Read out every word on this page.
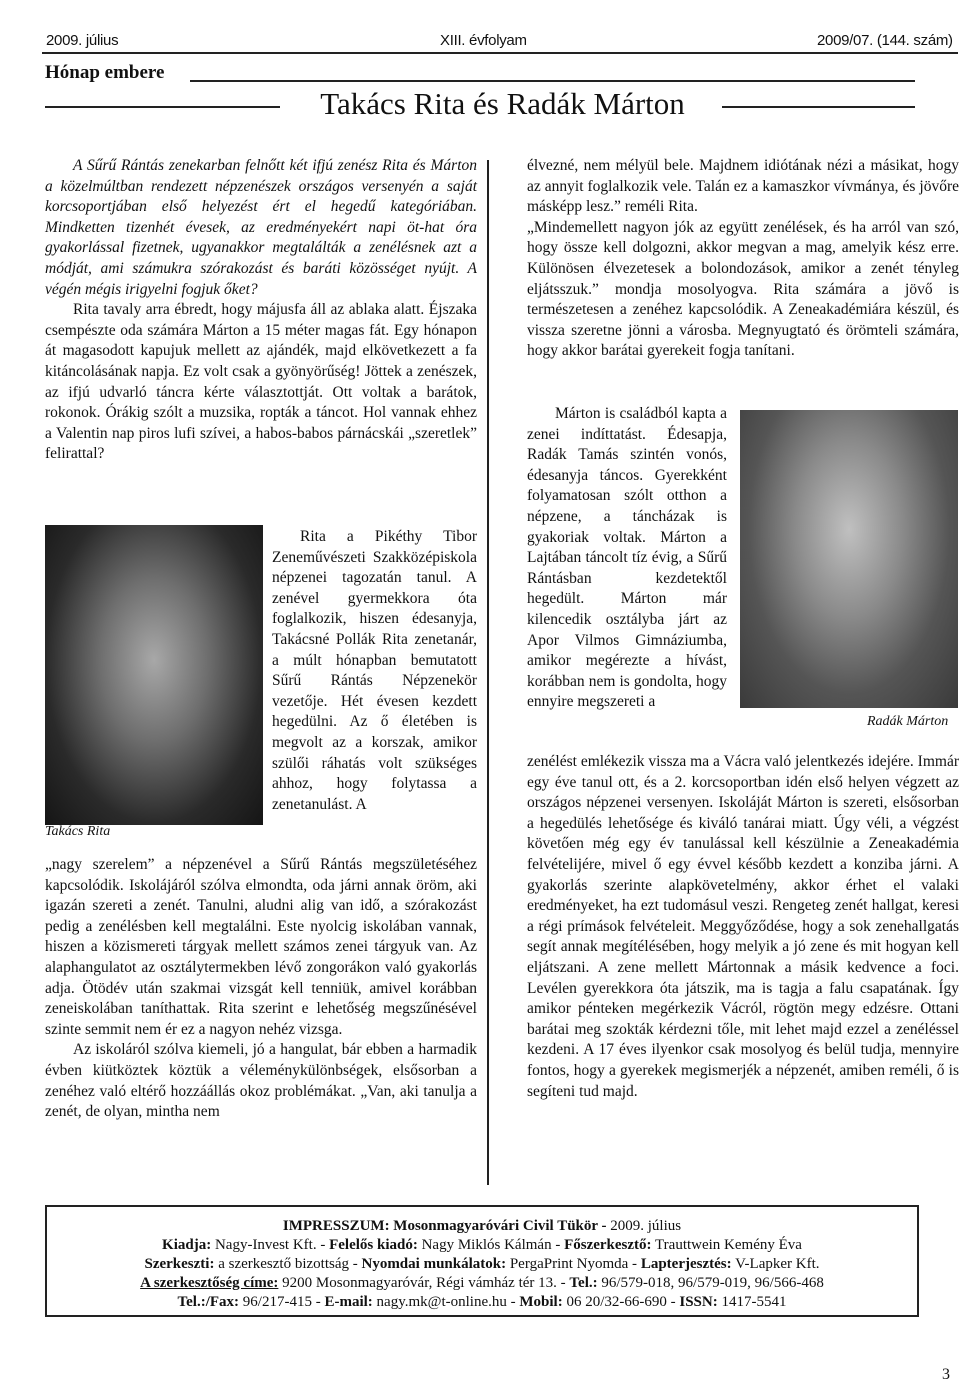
2009. július	XIII. évfolyam	2009/07. (144. szám)
Hónap embere
Takács Rita és Radák Márton

A Sűrű Rántás zenekarban felnőtt két ifjú zenész Rita és Márton a közelmúltban rendezett népzenészek országos versenyén a saját korcsoportjában első helyezést ért el hegedű kategóriában. Mindketten tizenhét évesek, az eredményekért napi öt-hat óra gyakorlással fizetnek, ugyanakkor megtalálták a zenélésnek azt a módját, ami számukra szórakozást és baráti közösséget nyújt. A végén mégis irigyelni fogjuk őket?

Rita tavaly arra ébredt, hogy májusfa áll az ablaka alatt. Éjszaka csempészte oda számára Márton a 15 méter magas fát. Egy hónapon át magasodott kapujuk mellett az ajándék, majd elkövetkezett a fa kitáncolásának napja. Ez volt csak a gyönyörűség! Jöttek a zenészek, az ifjú udvarló táncra kérte választottját. Ott voltak a barátok, rokonok. Órákig szólt a muzsika, ropták a táncot. Hol vannak ehhez a Valentin nap piros lufi szívei, a habos-babos párnácskái „szeretlek” felirattal?

Takács Rita

Rita a Pikéthy Tibor Zeneművészeti Szakközépiskola népzenei tagozatán tanul. A zenével gyermekkora óta foglalkozik, hiszen édesanyja, Takácsné Pollák Rita zenetanár, a múlt hónapban bemutatott Sűrű Rántás Népzenekör vezetője. Hét évesen kezdett hegedülni. Az ő életében is megvolt az a korszak, amikor szülői ráhatás volt szükséges ahhoz, hogy folytassa a zenetanulást. A

„nagy szerelem” a népzenével a Sűrű Rántás megszületéséhez kapcsolódik. Iskolájáról szólva elmondta, oda járni annak öröm, aki igazán szereti a zenét. Tanulni, aludni alig van idő, a szórakozást pedig a zenélésben kell megtalálni. Este nyolcig iskolában vannak, hiszen a közismereti tárgyak mellett számos zenei tárgyuk van. Az alaphangulatot az osztálytermekben lévő zongorákon való gyakorlás adja. Ötödév után szakmai vizsgát kell tenniük, amivel korábban zeneiskolában taníthattak. Rita szerint e lehetőség megszűnésével szinte semmit nem ér ez a nagyon nehéz vizsga.

Az iskoláról szólva kiemeli, jó a hangulat, bár ebben a harmadik évben kiütköztek köztük a véleménykülönbségek, elsősorban a zenéhez való eltérő hozzáállás okoz problémákat. „Van, aki tanulja a zenét, de olyan, mintha nem

élvezné, nem mélyül bele. Majdnem idiótának nézi a másikat, hogy az annyit foglalkozik vele. Talán ez a kamaszkor vívmánya, és jövőre másképp lesz.” reméli Rita.

„Mindemellett nagyon jók az együtt zenélések, és ha arról van szó, hogy össze kell dolgozni, akkor megvan a mag, amelyik kész erre. Különösen élvezetesek a bolondozások, amikor a zenét tényleg eljátsszuk.” mondja mosolyogva. Rita számára a jövő is természetesen a zenéhez kapcsolódik. A Zeneakadémiára készül, és vissza szeretne jönni a városba. Megnyugtató és örömteli számára, hogy akkor barátai gyerekeit fogja tanítani.

Márton is családból kapta a zenei indíttatást. Édesapja, Radák Tamás szintén vonós, édesanyja táncos. Gyerekként folyamatosan szólt otthon a népzene, a táncházak is gyakoriak voltak. Márton a Lajtában táncolt tíz évig, a Sűrű Rántásban kezdetektől hegedült. Márton már kilencedik osztályba járt az Apor Vilmos Gimnáziumba, amikor megérezte a hívást, korábban nem is gondolta, hogy ennyire megszereti a

Radák Márton

zenélést emlékezik vissza ma a Vácra való jelentkezés idejére. Immár egy éve tanul ott, és a 2. korcsoportban idén első helyen végzett az országos népzenei versenyen. Iskoláját Márton is szereti, elsősorban a hegedülés lehetősége és kiváló tanárai miatt. Úgy véli, a végzést követően még egy év tanulással kell készülnie a Zeneakadémia felvételijére, mivel ő egy évvel később kezdett a konziba járni. A gyakorlás szerinte alapkövetelmény, akkor érhet el valaki eredményeket, ha ezt tudomásul veszi. Rengeteg zenét hallgat, keresi a régi prímások felvételeit. Meggyőződése, hogy a sok zenehallgatás segít annak megítélésében, hogy melyik a jó zene és mit hogyan kell eljátszani. A zene mellett Mártonnak a másik kedvence a foci. Levélen gyerekkora óta játszik, ma is tagja a falu csapatának. Így amikor pénteken megérkezik Vácról, rögtön megy edzésre. Ottani barátai meg szokták kérdezni tőle, mit lehet majd ezzel a zenéléssel kezdeni. A 17 éves ilyenkor csak mosolyog és belül tudja, mennyire fontos, hogy a gyerekek megismerjék a népzenét, amiben reméli, ő is segíteni tud majd.

IMPRESSZUM: Mosonmagyaróvári Civil Tükör - 2009. július

Kiadja: Nagy-Invest Kft. - Felelős kiadó: Nagy Miklós Kálmán - Főszerkesztő: Trauttwein Kemény Éva

Szerkeszti: a szerkesztő bizottság - Nyomdai munkálatok: PergaPrint Nyomda - Lapterjesztés: V-Lapker Kft.

A szerkesztőség címe: 9200 Mosonmagyaróvár, Régi vámház tér 13. - Tel.: 96/579-018, 96/579-019, 96/566-468

Tel.:/Fax: 96/217-415 - E-mail: nagy.mk@t-online.hu - Mobil: 06 20/32-66-690 - ISSN: 1417-5541

3
